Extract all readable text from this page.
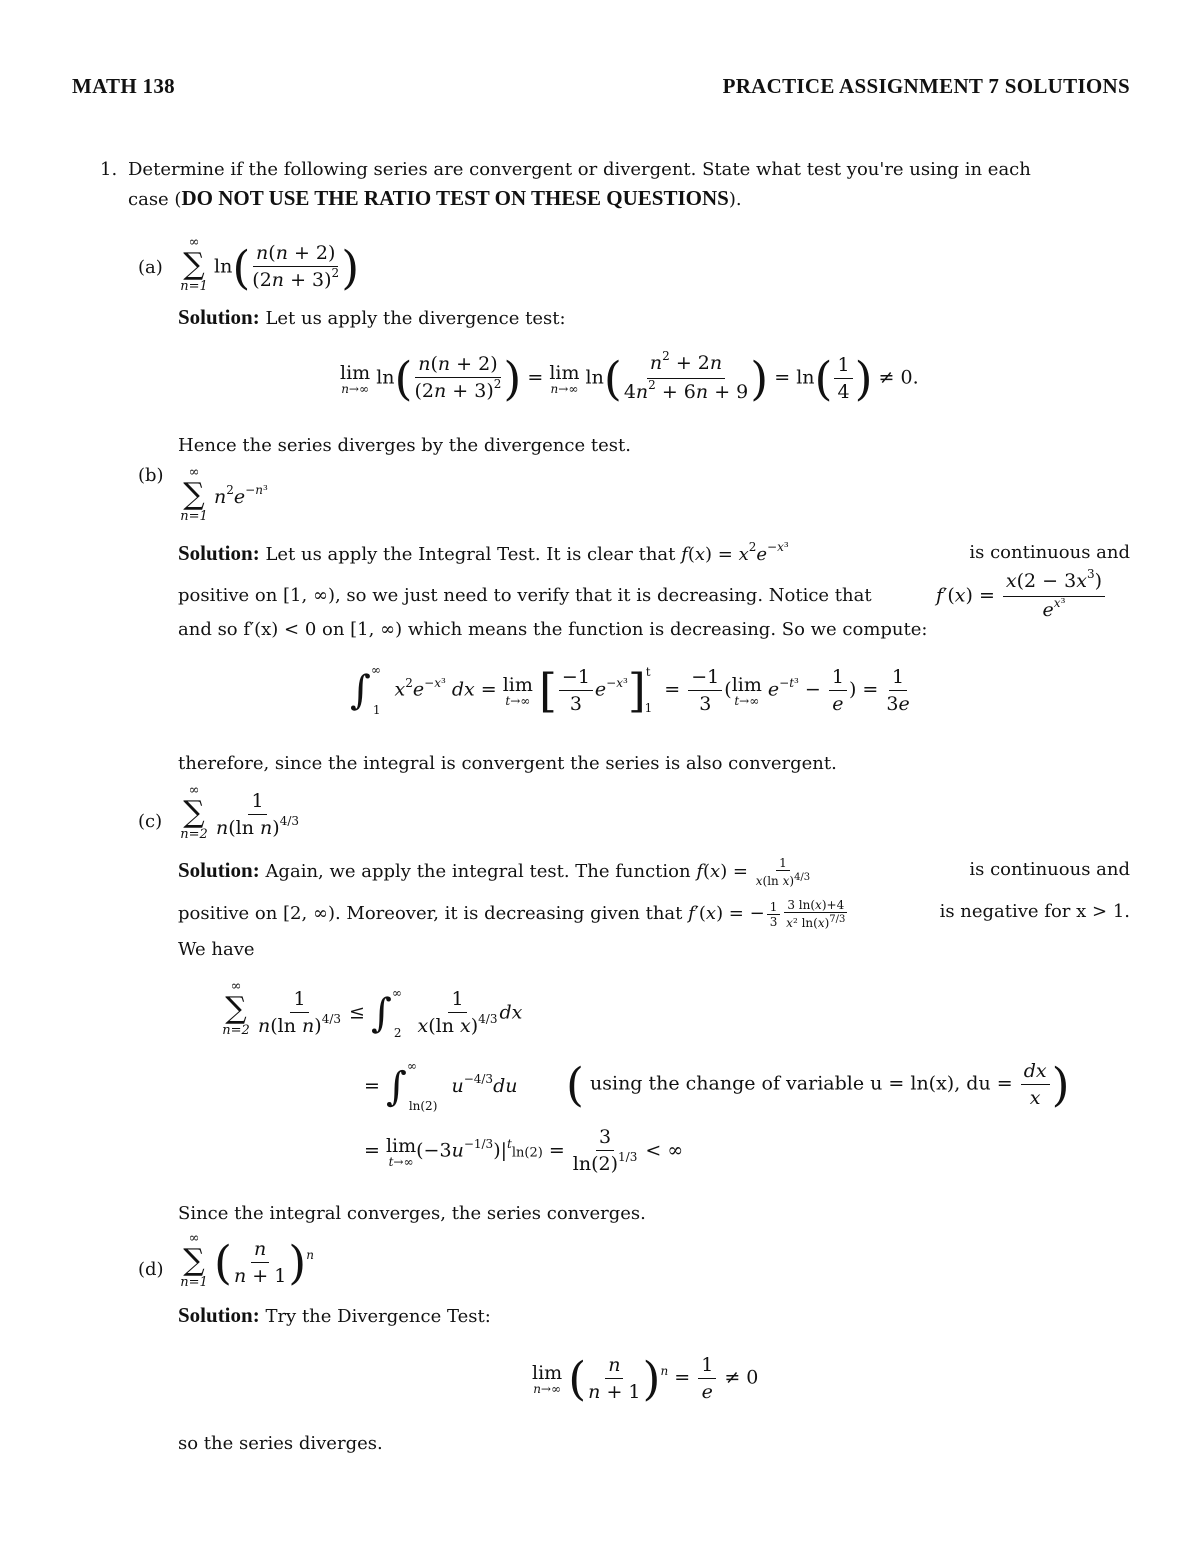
MATH 138	PRACTICE ASSIGNMENT 7 SOLUTIONS
1. Determine if the following series are convergent or divergent. State what test you're using in each
case (DO NOT USE THE RATIO TEST ON THESE QUESTIONS).
(a)
∞
∑
n=1
$\ln( \frac{n(n + 2)}{(2n + 3)^2}$ )
Solution: Let us apply the divergence test:
lim
n→∞ $\ln( \frac{n(n + 2)}{(2n + 3)^2}$ ) = lim
n→∞ $\ln( \frac{n^2 + 2n}{4n^2 + 6n + 9}$ ) = $\ln( \frac{1}{4}$ ) ≠ 0.
Hence the series diverges by the divergence test.
(b)	∞
∑
n=1
$n^2e^{-n^3}$
Solution: Let us apply the Integral Test. It is clear that $f(x) = x^2e^{-x^3}$	is continuous and
positive on [1, ∞), so we just need to verify that it is decreasing. Notice that	$f'(x) = \frac{x(2 - 3x^3)}{e^{x^3}}$
and so f′(x) < 0 on [1, ∞) which means the function is decreasing. So we compute:
$\int^\infty_1$ $x^2e^{-x^3}$ dx = lim
t→∞ [ $\frac{-1}{3} e^{-x^3}]^t_1 = \frac{-1}{3}$ ( lim
t→∞ $e^{-t^3} - \frac{1}{e}$ ) = $\frac{1}{3e}$
therefore, since the integral is convergent the series is also convergent.
(c)
∞
∑
$n=2 \frac{1}{n(\ln n)^{4/3}}$
Solution: Again, we apply the integral test. The function $f(x) = \frac{1}{x(\ln x)^{4/3}}$	is continuous and
positive on [2, ∞). Moreover, it is decreasing given that f′(x) = − $\frac{1}{3} \frac{3 \ln(x)+4}{x^2 \ln(x)^{7/3}}$	is negative for x > 1.
We have
∞
∑
$n=2 \frac{1}{n(\ln n)^{4/3}} \le \int^\infty_2 \frac{1}{x(\ln x)^{4/3}}$ dx
= $\int^\infty_{ln(2)}$ $u^{-4/3}du$ ( using the change of variable u = ln(x), du = $\frac{dx}{x}$ )
= lim
t→∞ $(-3u^{-1/3})|^t\ln(2) = \frac{3}{\ln(2)^{1/3}}$ < ∞
Since the integral converges, the series converges.
(d)
∞
∑
n=1 ( $\frac{n}{n + 1} )^n$
Solution: Try the Divergence Test:
lim
n→∞ ( $\frac{n}{n + 1} )^n = \frac{1}{e} \ne 0$
so the series diverges.
